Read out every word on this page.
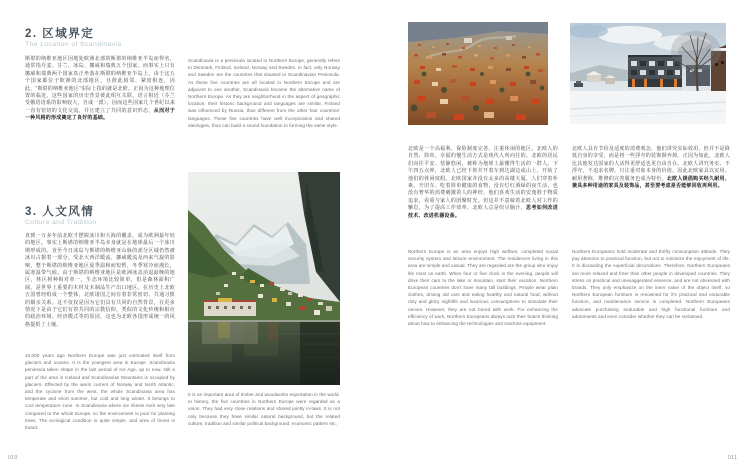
2. 区域界定
The Location of Scandinavia
斯堪的纳维亚地区因地处欧洲北部的斯堪的纳维亚半岛而得名，通常指丹麦、芬兰、冰岛、挪威和瑞典五个国家。而事实上只有挪威和瑞典两个国家真正坐落在斯堪的纳维亚半岛上。由于这五个国家都位于欧洲的北部地区，且彼此相邻、紧密相连，因此，“斯堪的纳维亚地区”实际上指的就是北欧。正因为这种地理位置的临近，这些国家的历史背景彼此相互关联，语言相近（芬兰受俄语语系的影响较大，自成一派），因而这些国家几个世纪以来一直有密切的文化交流，并且建立了共同的意识形态，从而对于一种风格的形成奠定了良好的基础。
3. 人文风情
Culture and Tradition
直到一万多年前北欧才摆脱冰川和大海的覆盖，成为欧洲最年轻的地区。事实上斯堪的纳维亚半岛本身就是在地球最后一个冰川期形成的。直至今日冰岛与斯堪的纳维亚山脉的部分区域仍然被冰川占据着一部分。受北大西洋暖流、挪威暖流及西来气旋的影响，整个斯堪的纳维亚地区夏季温和而短暂，冬季寒冷而漫长，属寒温带气候。由于斯堪的纳维亚地区是欧洲冰盖消退最晚的地区，林区树种相对单一，生态环境比较简单，但是森林面积广阔，是世界上重要的木材及木制品生产出口地区。在历史上北欧五国曾经组成一个整体，北欧诸国之间有着非常密切、共通习惯的姻亲关系。这不仅仅是因为它们具有共同的自然背景，在更多情况下是由于它们有着共同的宗教信仰、类似的文化传统和相应的政治环境、经济模式等的原因，这也为北欧各国形成统一的风格提供了土壤。
10,000 years ago Northern Europe was just extricated itself from glaciers and oceans. It is the youngest area in Europe. Scandinavia peninsula taken shape in the last period of Ice Age, up to now, still a part of the area in Iceland and Scandinavian Mountains is occupied by glaciers. Effected by the warm current of Norway and North Atlantic, and the cyclone from the west, the whole Scandinavia area has temperate and short summer, but cold and long winter. It belongs to cool temperature zone. In Scandinavia where ice sheets melt very late compared to the whole Europe, so the environment is poor for planting trees. The ecological condition is quite simple, and area of forest is board.
Scandinavia is a peninsula located in Northern Europe, generally refers to Denmark, Finland, Iceland, Norway and Sweden. In fact, only Norway and Sweden are the countries that situated in Scandinavian Peninsula. As these five countries are all located in Northern Europe and are adjacent to one another, Scandinavia became the alternative name of Northern Europe. As they are neighborhood in the aspect of geographic location, their historic background and languages are similar. Finland was influenced by Russia, thus different from the other four countries' languages. These five countries have well incorporation and shared ideologies, thus can build a sound foundation to forming the same style.
It is an important area of timber and woodworks exportation in the world. In history, the five countries in Northern Europe were regarded as a union. They had very close relations and shared jointly in-laws. It is not only because they have similar natural background, but the related culture, tradition and similar political background, economic pattern etc.
010
北欧是一个高福利、保险制度完善、注重休闲的地区。北欧人的自然、简单、幸福的慢生活方式是现代人所向往的。北欧的居民们向往平安、恬静悠闲，被称为地球上最懂得生活的一群人。下午四五点钟，北欧人已经下班并开着车到达湖边或山上，开始了他们的休闲度假。北欧国家并没有太多的高楼大厦，人们穿着朴素、开旧车、吃着简单健康的食物，没有灯红酒绿的夜生活，也没有奢华的消费刺激着人的神经。他们喜欢生活的安逸胜于物质追求，看重与家人的团聚时光。但这并不意味着北欧人对工作的懈怠，为了提高工作效率，北欧人总是绞尽脑汁，思考如何改进技术、改进机器设备。
Northern Europe is an area enjoys high welfare, completed social security system and leisure environment. The residences living in this area are simple and casual. They are regarded are the group who enjoy life most on earth. When four or five clock in the evening, people will drive their cars to the lake or mountain, start their vacation. Northern European countries don't have many tall buildings. People wear plain clothes, driving old cars and eating healthy and natural food, without ritzy and glitzy nightlife and luxurious consumptions to stimulate their nerves. However, they are not bored with work. For enhancing the efficiency of work, Northern Europeans always rack their brains thinking about how to enhancing the technologies and machine equipment.
北欧人具有节俭及适度的消费观念，他们讲究实际效用，但并不是降低自身的享受，而是将一些浮夸的装饰摒弃掉。正因为如此，北欧人比其他发达国家的人活得更舒适也更自由自在。北欧人讲究务实、不浮夸、不追求名牌，只注重对象本身的价值。因此北欧家具以实用、耐用著称，维修的完善服务也成为特色。北欧人提倡购买经久耐用、兼具多种用途的家具及装饰品，甚至要考虑是否能够回收再利用。
Northern Europeans hold moderate and thrifty consumption attitude. They pay attention to practical function, but not to minimize the enjoyment of life. It is discarding the superficial decorations. Therefore, Northern Europeans are more relaxed and freer than other people in developed countries. They stress on practical and unexaggerated essence, and are not obsessed with brands. They only emphasize on the inner value of the object itself, so Northern European furniture is renowned for it's practical and endurable function, and maintenance service is completed. Northern Europeans advocate purchasing endurable and high functional furniture and adornments and even consider whether they can be reclaimed.
011
